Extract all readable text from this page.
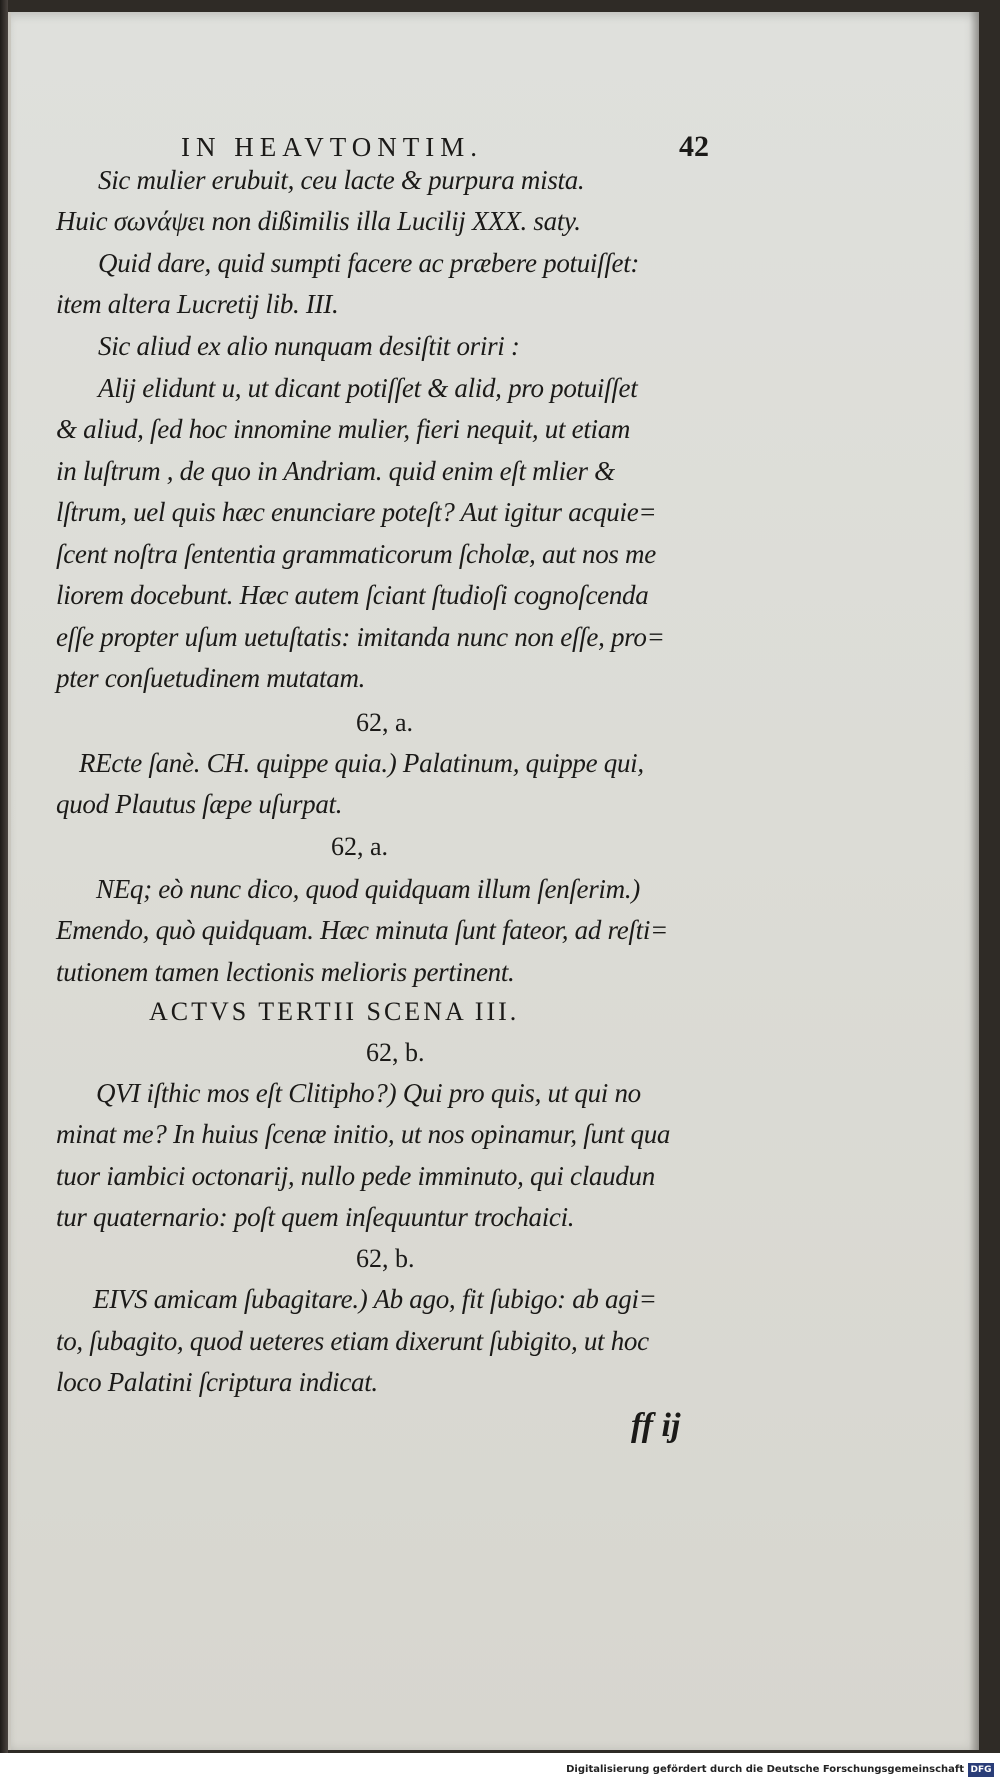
IN HEAVTONTIM.	42
Sic mulier erubuit, ceu lacte & purpura mista.
Huic σωνάψει non dißimilis illa Lucilij XXX. saty.
Quid dare, quid sumpti facere ac præbere potuiſſet:
item altera Lucretij lib. III.
Sic aliud ex alio nunquam desiſtit oriri :
Alij elidunt u, ut dicant potiſſet & alid, pro potuiſſet
& aliud, ſed hoc innomine mulier, fieri nequit, ut etiam
in luſtrum , de quo in Andriam. quid enim eſt mlier &
lſtrum, uel quis hæc enunciare poteſt? Aut igitur acquie=
ſcent noſtra ſententia grammaticorum ſcholæ, aut nos me
liorem docebunt. Hæc autem ſciant ſtudioſi cognoſcenda
eſſe propter uſum uetuſtatis: imitanda nunc non eſſe, pro=
pter conſuetudinem mutatam.
62, a.
REcte ſanè. CH. quippe quia.) Palatinum, quippe qui,
quod Plautus ſæpe uſurpat.
62, a.
NEq; eò nunc dico, quod quidquam illum ſenſerim.)
Emendo, quò quidquam. Hæc minuta ſunt fateor, ad reſti=
tutionem tamen lectionis melioris pertinent.
ACTVS TERTII SCENA III.
62, b.
QVI iſthic mos eſt Clitipho?) Qui pro quis, ut qui no
minat me? In huius ſcenæ initio, ut nos opinamur, ſunt qua
tuor iambici octonarij, nullo pede imminuto, qui claudun
tur quaternario: poſt quem inſequuntur trochaici.
62, b.
EIVS amicam ſubagitare.) Ab ago, fit ſubigo: ab agi=
to, ſubagito, quod ueteres etiam dixerunt ſubigito, ut hoc
loco Palatini ſcriptura indicat.
ff ij
Digitalisierung gefördert durch die Deutsche Forschungsgemeinschaft DFG
